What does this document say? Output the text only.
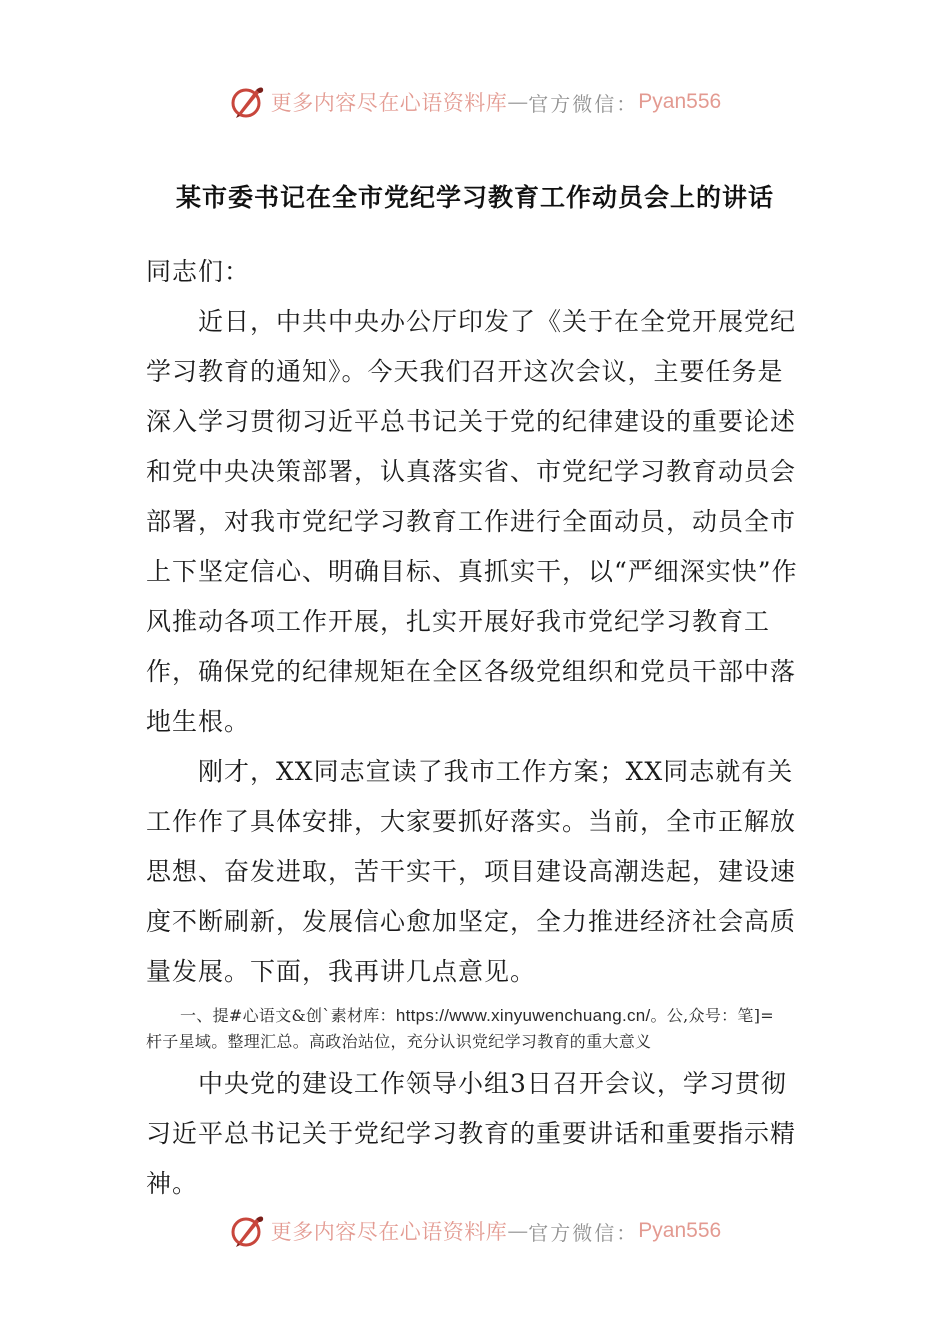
更多内容尽在心语资料库 — 官方微信： Pyan556
某市委书记在全市党纪学习教育工作动员会上的讲话

同志们：

近日，中共中央办公厅印发了《关于在全党开展党纪学习教育的通知》。今天我们召开这次会议，主要任务是深入学习贯彻习近平总书记关于党的纪律建设的重要论述和党中央决策部署，认真落实省、市党纪学习教育动员会部署，对我市党纪学习教育工作进行全面动员，动员全市上下坚定信心、明确目标、真抓实干，以“严细深实快”作风推动各项工作开展，扎实开展好我市党纪学习教育工作，确保党的纪律规矩在全区各级党组织和党员干部中落地生根。

刚才，XX同志宣读了我市工作方案；XX同志就有关工作作了具体安排，大家要抓好落实。当前，全市正解放思想、奋发进取，苦干实干，项目建设高潮迭起，建设速度不断刷新，发展信心愈加坚定，全力推进经济社会高质量发展。下面，我再讲几点意见。

一、提#心语文&创`素材库：https://www.xinyuwenchuang.cn/。公,众号：笔]=杆子星域。整理汇总。高政治站位，充分认识党纪学习教育的重大意义

中央党的建设工作领导小组3日召开会议，学习贯彻习近平总书记关于党纪学习教育的重要讲话和重要指示精神。

更多内容尽在心语资料库 — 官方微信： Pyan556
